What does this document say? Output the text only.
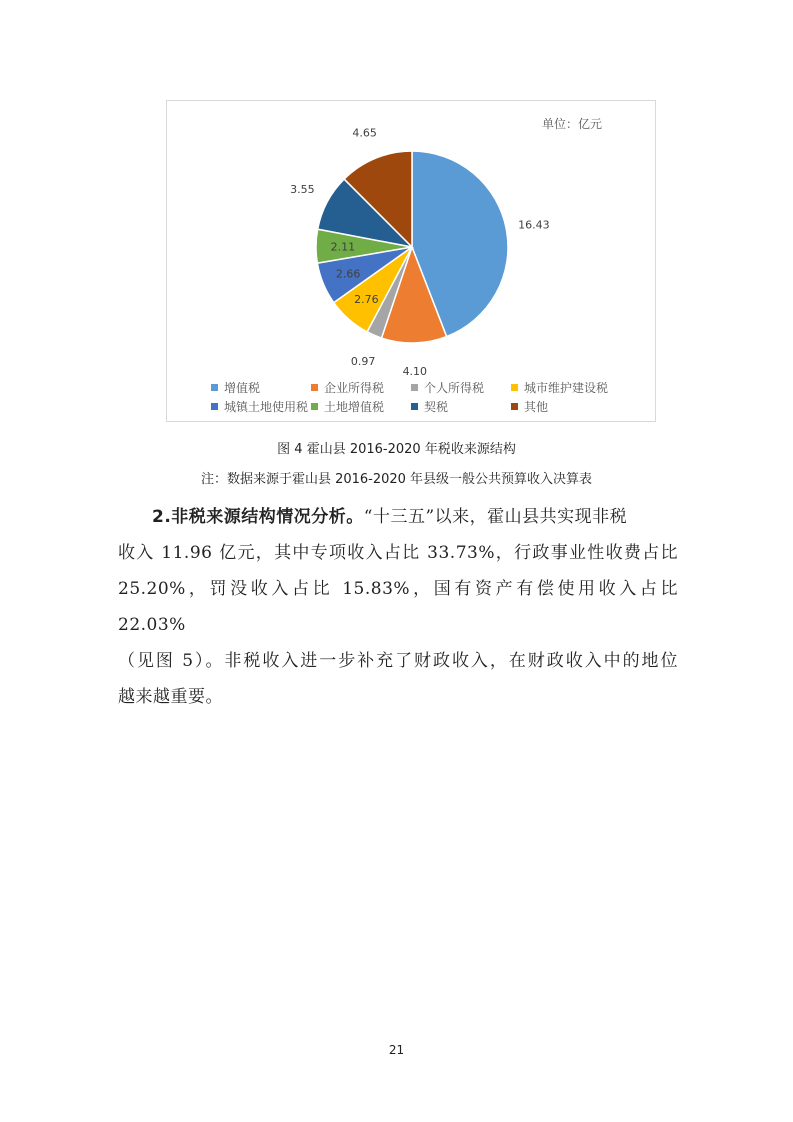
单位：亿元
16.43
4.10
0.97
2.76
2.66
2.11
3.55
4.65
增值税	企业所得税	个人所得税	城市维护建设税
城镇土地使用税 土地增值税	契税	其他
图 4 霍山县 2016-2020 年税收来源结构
注：数据来源于霍山县 2016-2020 年县级一般公共预算收入决算表
2.非税来源结构情况分析。“十三五”以来，霍山县共实现非税
收入 11.96 亿元，其中专项收入占比 33.73%，行政事业性收费占比
25.20%，罚没收入占比 15.83%，国有资产有偿使用收入占比 22.03%
（见图 5）。非税收入进一步补充了财政收入，在财政收入中的地位
越来越重要。
21
